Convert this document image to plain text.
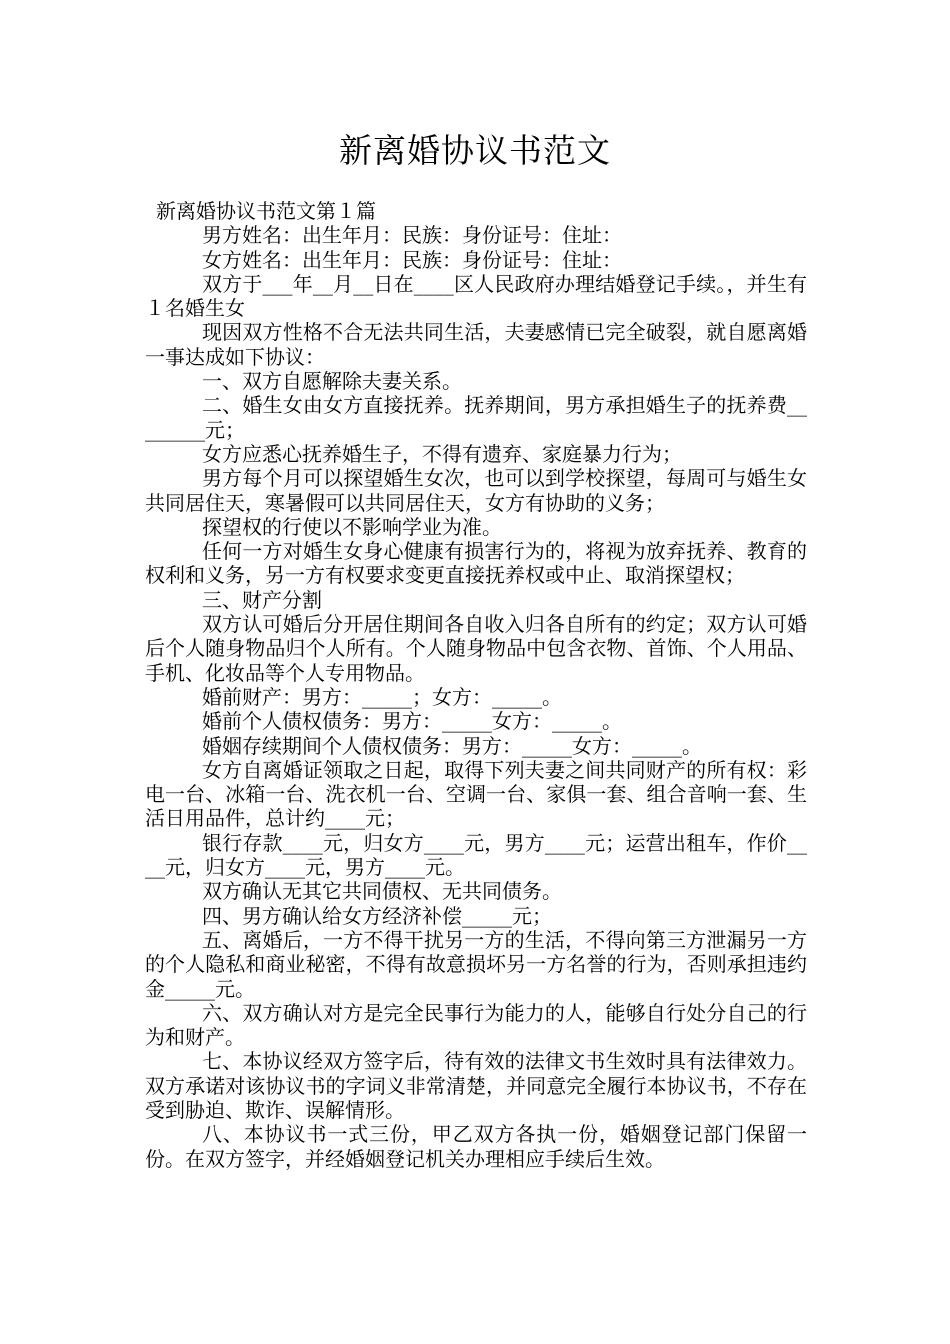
新离婚协议书范文

新离婚协议书范文第１篇

男方姓名：出生年月：民族：身份证号：住址：

女方姓名：出生年月：民族：身份证号：住址：

双方于___年__月__日在____区人民政府办理结婚登记手续。，并生有１名婚生女

现因双方性格不合无法共同生活，夫妻感情已完全破裂，就自愿离婚一事达成如下协议：

一、双方自愿解除夫妻关系。

二、婚生女由女方直接抚养。抚养期间，男方承担婚生子的抚养费________元；

女方应悉心抚养婚生子，不得有遗弃、家庭暴力行为；

男方每个月可以探望婚生女次，也可以到学校探望，每周可与婚生女共同居住天，寒暑假可以共同居住天，女方有协助的义务；

探望权的行使以不影响学业为准。

任何一方对婚生女身心健康有损害行为的，将视为放弃抚养、教育的权利和义务，另一方有权要求变更直接抚养权或中止、取消探望权；

三、财产分割

双方认可婚后分开居住期间各自收入归各自所有的约定；双方认可婚后个人随身物品归个人所有。个人随身物品中包含衣物、首饰、个人用品、手机、化妆品等个人专用物品。

婚前财产：男方：_____；女方：_____。

婚前个人债权债务：男方：_____女方：_____。

婚姻存续期间个人债权债务：男方：_____女方：_____。

女方自离婚证领取之日起，取得下列夫妻之间共同财产的所有权：彩电一台、冰箱一台、洗衣机一台、空调一台、家俱一套、组合音响一套、生活日用品件，总计约____元；

银行存款____元，归女方____元，男方____元；运营出租车，作价____元，归女方____元，男方____元。

双方确认无其它共同债权、无共同债务。

四、男方确认给女方经济补偿_____元；

五、离婚后，一方不得干扰另一方的生活，不得向第三方泄漏另一方的个人隐私和商业秘密，不得有故意损坏另一方名誉的行为，否则承担违约金_____元。

六、双方确认对方是完全民事行为能力的人，能够自行处分自己的行为和财产。

七、本协议经双方签字后，待有效的法律文书生效时具有法律效力。双方承诺对该协议书的字词义非常清楚，并同意完全履行本协议书，不存在受到胁迫、欺诈、误解情形。

八、本协议书一式三份，甲乙双方各执一份，婚姻登记部门保留一份。在双方签字，并经婚姻登记机关办理相应手续后生效。
